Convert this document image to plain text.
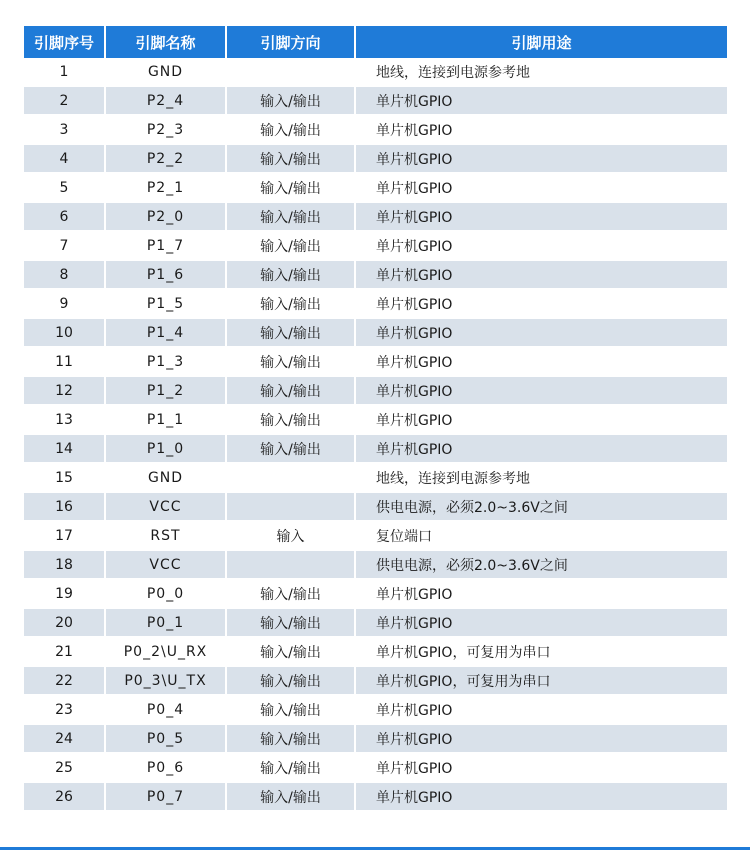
引脚序号	引脚名称	引脚方向	引脚用途
1	GND		地线，连接到电源参考地
2	P2_4	输入/输出	单片机GPIO
3	P2_3	输入/输出	单片机GPIO
4	P2_2	输入/输出	单片机GPIO
5	P2_1	输入/输出	单片机GPIO
6	P2_0	输入/输出	单片机GPIO
7	P1_7	输入/输出	单片机GPIO
8	P1_6	输入/输出	单片机GPIO
9	P1_5	输入/输出	单片机GPIO
10	P1_4	输入/输出	单片机GPIO
11	P1_3	输入/输出	单片机GPIO
12	P1_2	输入/输出	单片机GPIO
13	P1_1	输入/输出	单片机GPIO
14	P1_0	输入/输出	单片机GPIO
15	GND		地线，连接到电源参考地
16	VCC		供电电源，必须2.0~3.6V之间
17	RST	输入	复位端口
18	VCC		供电电源，必须2.0~3.6V之间
19	P0_0	输入/输出	单片机GPIO
20	P0_1	输入/输出	单片机GPIO
21	P0_2\U_RX	输入/输出	单片机GPIO，可复用为串口
22	P0_3\U_TX	输入/输出	单片机GPIO，可复用为串口
23	P0_4	输入/输出	单片机GPIO
24	P0_5	输入/输出	单片机GPIO
25	P0_6	输入/输出	单片机GPIO
26	P0_7	输入/输出	单片机GPIO
